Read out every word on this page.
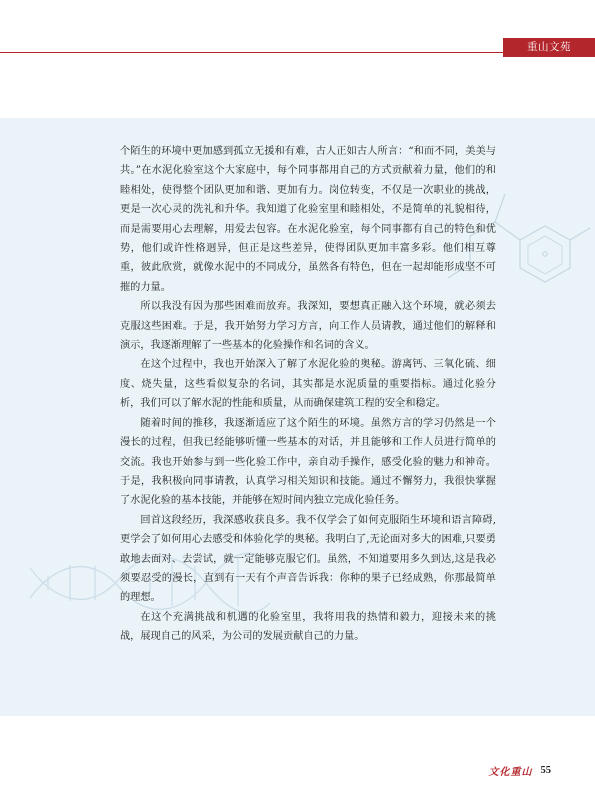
重山文苑

个陌生的环境中更加感到孤立无援和有难，古人正如古人所言：“和而不同，美美与共。”在水泥化验室这个大家庭中，每个同事都用自己的方式贡献着力量，他们的和睦相处，使得整个团队更加和谐、更加有力。岗位转变，不仅是一次职业的挑战，更是一次心灵的洗礼和升华。我知道了化验室里和睦相处，不是简单的礼貌相待，而是需要用心去理解，用爱去包容。在水泥化验室，每个同事都有自己的特色和优势，他们或许性格迥异，但正是这些差异，使得团队更加丰富多彩。他们相互尊重，彼此欣赏，就像水泥中的不同成分，虽然各有特色，但在一起却能形成坚不可摧的力量。

所以我没有因为那些困难而放弃。我深知，要想真正融入这个环境，就必须去克服这些困难。于是，我开始努力学习方言，向工作人员请教，通过他们的解释和演示，我逐渐理解了一些基本的化验操作和名词的含义。

在这个过程中，我也开始深入了解了水泥化验的奥秘。游离钙、三氧化硫、细度、烧失量，这些看似复杂的名词，其实都是水泥质量的重要指标。通过化验分析，我们可以了解水泥的性能和质量，从而确保建筑工程的安全和稳定。

随着时间的推移，我逐渐适应了这个陌生的环境。虽然方言的学习仍然是一个漫长的过程，但我已经能够听懂一些基本的对话，并且能够和工作人员进行简单的交流。我也开始参与到一些化验工作中，亲自动手操作，感受化验的魅力和神奇。于是，我积极向同事请教，认真学习相关知识和技能。通过不懈努力，我很快掌握了水泥化验的基本技能，并能够在短时间内独立完成化验任务。

回首这段经历，我深感收获良多。我不仅学会了如何克服陌生环境和语言障碍,更学会了如何用心去感受和体验化学的奥秘。我明白了,无论面对多大的困难,只要勇敢地去面对、去尝试，就一定能够克服它们。虽然，不知道要用多久到达,这是我必须要忍受的漫长，直到有一天有个声音告诉我：你种的果子已经成熟，你那最简单的理想。

在这个充满挑战和机遇的化验室里，我将用我的热情和毅力，迎接未来的挑战，展现自己的风采，为公司的发展贡献自己的力量。

文化重山 55
